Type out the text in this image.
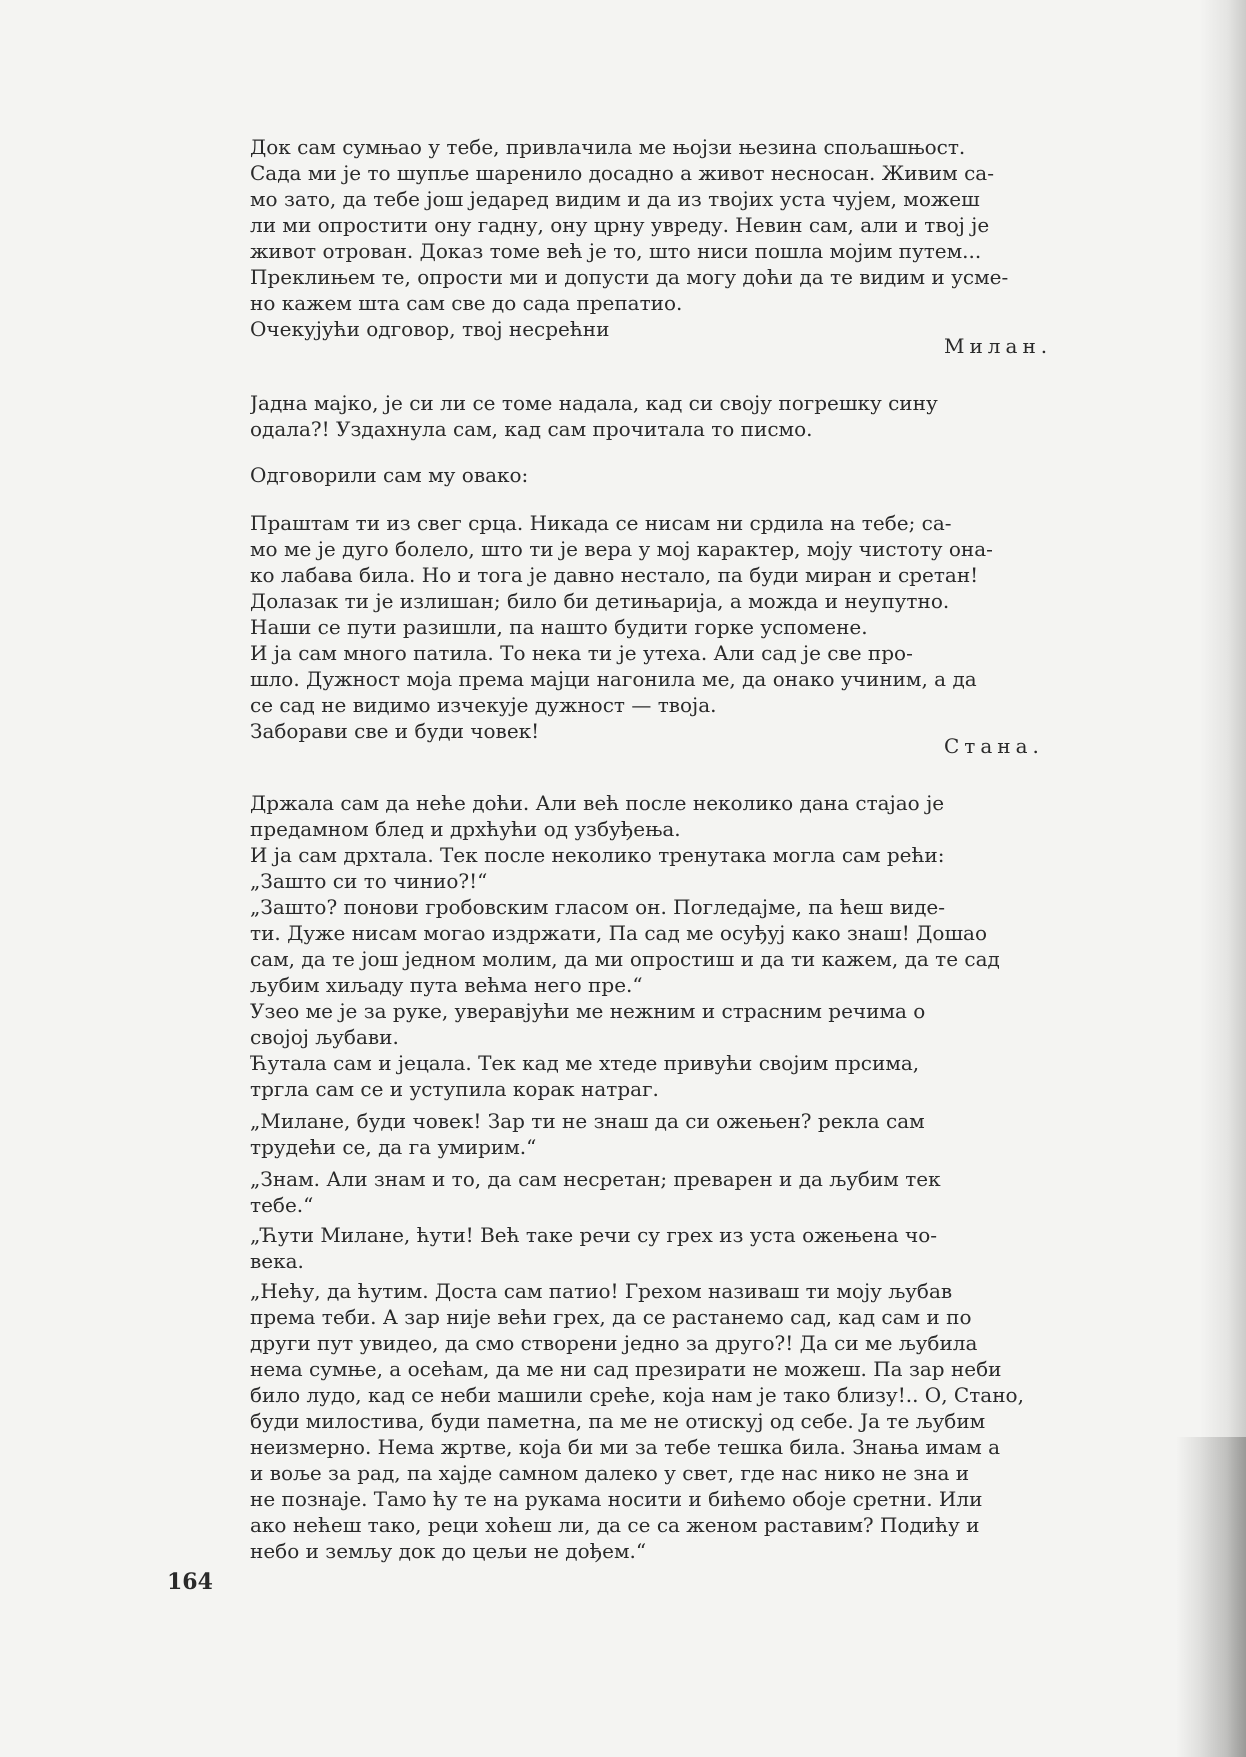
Док сам сумњао у тебе, привлачила ме њојзи њезина спољашњост.
Сада ми је то шупље шаренило досадно а живот несносан. Живим са-
мо зато, да тебе још једаред видим и да из твојих уста чујем, можеш
ли ми опростити ону гадну, ону црну увреду. Невин сам, али и твој је
живот отрован. Доказ томе већ је то, што ниси пошла мојим путем...
Преклињем те, опрости ми и допусти да могу доћи да те видим и усме-
но кажем шта сам све до сада препатио.
Очекујући одговор, твој несрећни
Милан.
Јадна мајко, је си ли се томе надала, кад си своју погрешку сину
одала?! Уздахнула сам, кад сам прочитала то писмо.
Одговорили сам му овако:
Праштам ти из свег срца. Никада се нисам ни срдила на тебе; са-
мо ме је дуго болело, што ти је вера у мој карактер, моју чистоту она-
ко лабава била. Но и тога је давно нестало, па буди миран и сретан!
Долазак ти је излишан; било би детињарија, а можда и неупутно.
Наши се пути разишли, па нашто будити горке успомене.
И ја сам много патила. То нека ти је утеха. Али сад је све про-
шло. Дужност моја према мајци нагонила ме, да онако учиним, а да
се сад не видимо изчекује дужност — твоја.
Заборави све и буди човек!
Стана.
Држала сам да неће доћи. Али већ после неколико дана стајао је
предамном блед и дрхћући од узбуђења.
И ја сам дрхтала. Тек после неколико тренутака могла сам рећи:
„Зашто си то чинио?!“
„Зашто? понови гробовским гласом он. Погледајме, па ћеш виде-
ти. Дуже нисам могао издржати, Па сад ме осуђуј како знаш! Дошао
сам, да те још једном молим, да ми опростиш и да ти кажем, да те сад
љубим хиљаду пута већма него пре.“
Узео ме је за руке, уверавјући ме нежним и страсним речима о
својој љубави.
Ћутала сам и јецала. Тек кад ме хтеде привући својим прсима,
тргла сам се и уступила корак натраг.
„Милане, буди човек! Зар ти не знаш да си ожењен? рекла сам
трудећи се, да га умирим.“
„Знам. Али знам и то, да сам несретан; преварен и да љубим тек
тебе.“
„Ћути Милане, ћути! Већ таке речи су грех из уста ожењена чо-
века.
„Нећу, да ћутим. Доста сам патио! Грехом називаш ти моју љубав
према теби. А зар није већи грех, да се растанемо сад, кад сам и по
други пут увидео, да смо створени једно за друго?! Да си ме љубила
нема сумње, а осећам, да ме ни сад презирати не можеш. Па зар неби
било лудо, кад се неби машили среће, која нам је тако близу!.. О, Стано,
буди милостива, буди паметна, па ме не отискуј од себе. Ја те љубим
неизмерно. Нема жртве, која би ми за тебе тешка била. Знања имам а
и воље за рад, па хајде самном далеко у свет, где нас нико не зна и
не познаје. Тамо ћу те на рукама носити и бићемо обоје сретни. Или
ако нећеш тако, реци хоћеш ли, да се са женом раставим? Подићу и
небо и земљу док до цељи не дођем.“
164
